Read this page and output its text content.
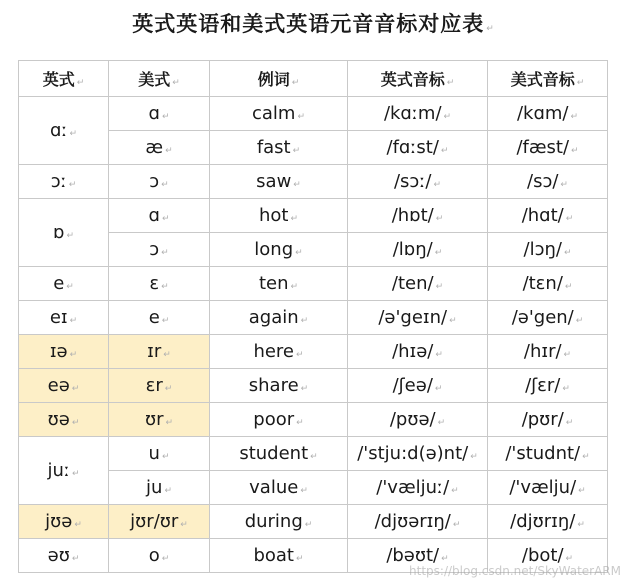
英式英语和美式英语元音音标对应表 ↵
英式 ↵	美式 ↵	例词 ↵	英式音标 ↵	美式音标 ↵
ɑː ↵	ɑ ↵	calm ↵	/kɑːm/ ↵	/kɑm/ ↵
	æ ↵	fast ↵	/fɑːst/ ↵	/fæst/ ↵
ɔː ↵	ɔ ↵	saw ↵	/sɔː/ ↵	/sɔ/ ↵
ɒ ↵	ɑ ↵	hot ↵	/hɒt/ ↵	/hɑt/ ↵
	ɔ ↵	long ↵	/lɒŋ/ ↵	/lɔŋ/ ↵
e ↵	ɛ ↵	ten ↵	/ten/ ↵	/tɛn/ ↵
eɪ ↵	e ↵	again ↵	/ə'geɪn/ ↵	/ə'gen/ ↵
ɪə ↵	ɪr ↵	here ↵	/hɪə/ ↵	/hɪr/ ↵
eə ↵	ɛr ↵	share ↵	/ʃeə/ ↵	/ʃɛr/ ↵
ʊə ↵	ʊr ↵	poor ↵	/pʊə/ ↵	/pʊr/ ↵
juː ↵	u ↵	student ↵	/'stju:d(ə)nt/ ↵	/'studnt/ ↵
	ju ↵	value ↵	/'væljuː/ ↵	/'vælju/ ↵
jʊə ↵	jʊr/ʊr ↵	during ↵	/djʊərɪŋ/ ↵	/djʊrɪŋ/ ↵
əʊ ↵	o ↵	boat ↵	/bəʊt/ ↵	/bot/ ↵
https://blog.csdn.net/SkyWaterARM
